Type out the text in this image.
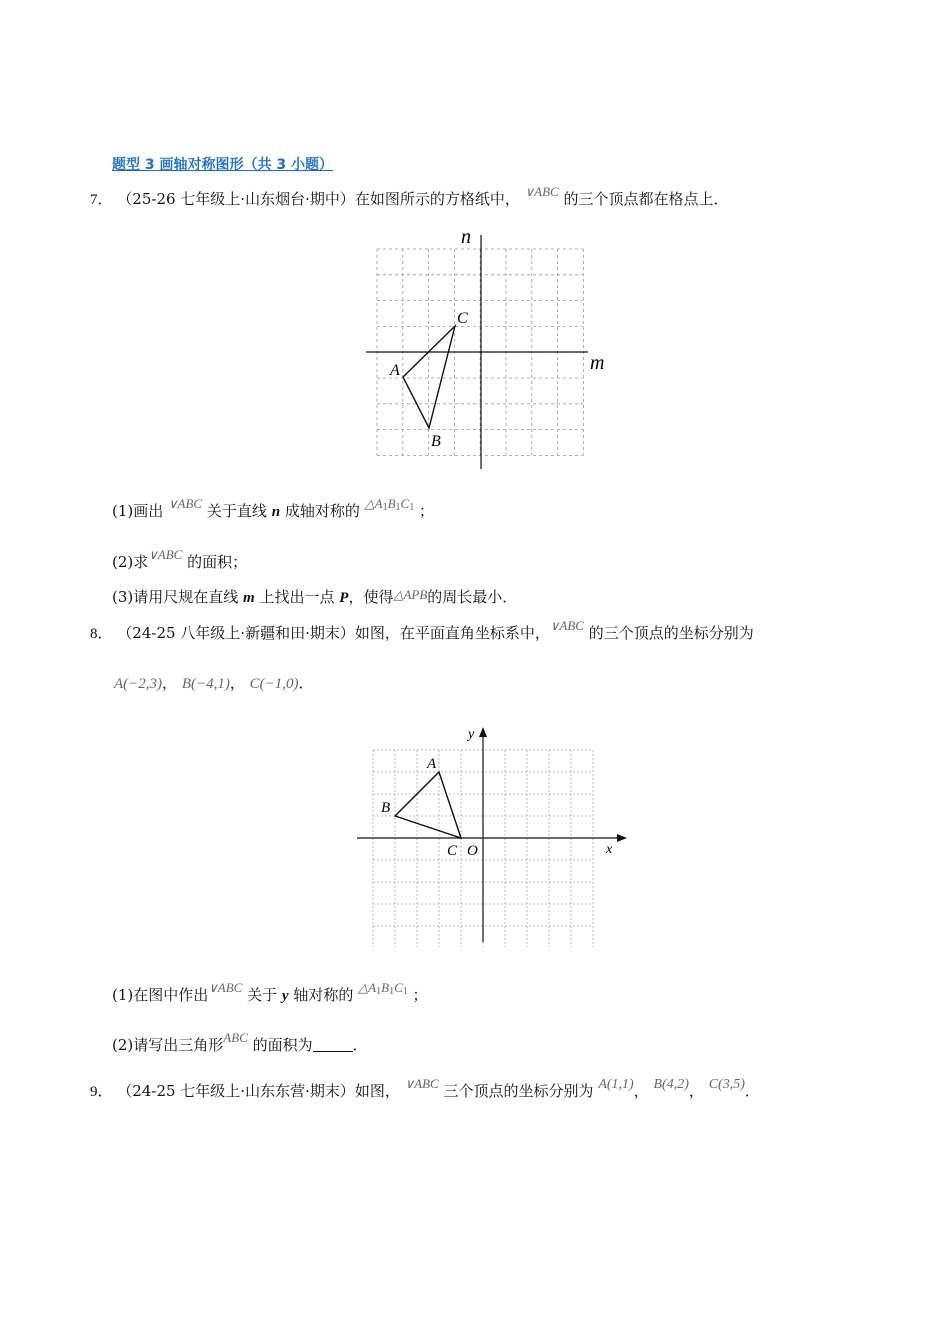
题型 3 画轴对称图形（共 3 小题）
7． （25-26 七年级上·山东烟台·期中）在如图所示的方格纸中， ∨ABC 的三个顶点都在格点上．
n
m
C
A
B
(1)画出 ∨ABC 关于直线 n 成轴对称的 $\triangle A_1B_1C_1$ ；
(2)求∨ABC 的面积；
(3)请用尺规在直线 m 上找出一点 P，使得△APB的周长最小．
8． （24-25 八年级上·新疆和田·期末）如图，在平面直角坐标系中，∨ABC 的三个顶点的坐标分别为
A(−2,3)， B(−4,1)， C(−1,0)．
x
y
O
A
B
C
(1)在图中作出∨ABC 关于 y 轴对称的 $\triangle A_1B_1C_1$ ；
(2)请写出三角形ABC 的面积为	．
9． （24-25 七年级上·山东东营·期末）如图， ∨ABC 三个顶点的坐标分别为 A(1,1)， B(4,2)， C(3,5)．
